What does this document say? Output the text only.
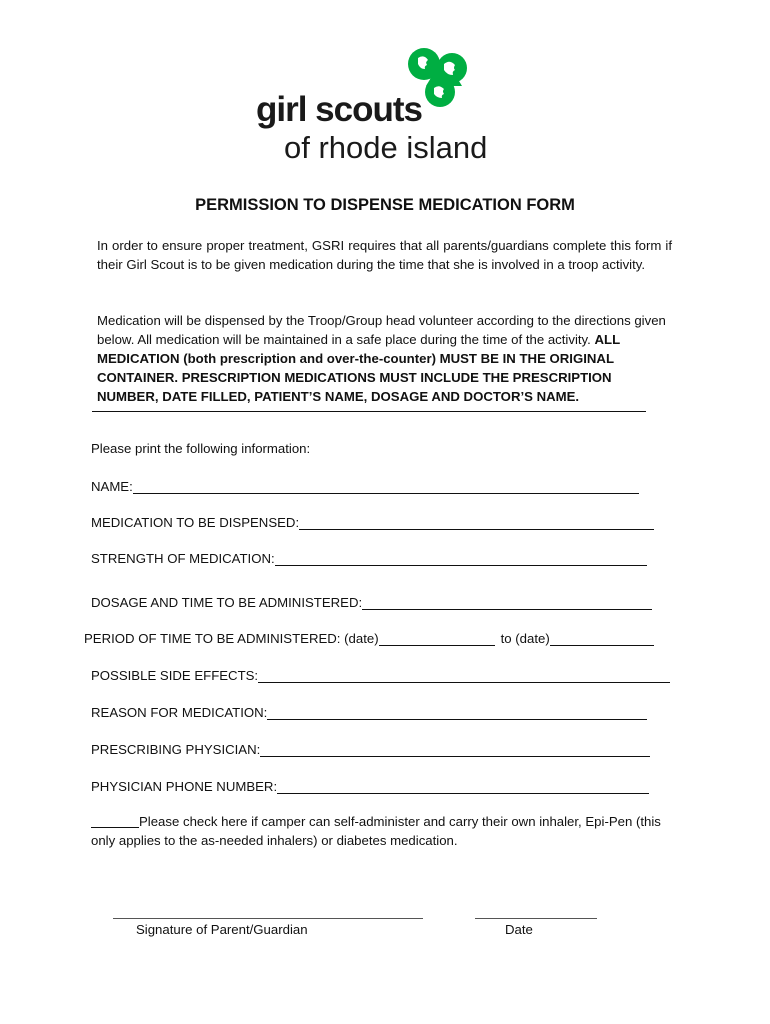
girl scouts
of rhode island
PERMISSION TO DISPENSE MEDICATION FORM
In order to ensure proper treatment, GSRI requires that all parents/guardians complete this form if their Girl Scout is to be given medication during the time that she is involved in a troop activity.
Medication will be dispensed by the Troop/Group head volunteer according to the directions given below. All medication will be maintained in a safe place during the time of the activity. ALL MEDICATION (both prescription and over-the-counter) MUST BE IN THE ORIGINAL CONTAINER. PRESCRIPTION MEDICATIONS MUST INCLUDE THE PRESCRIPTION NUMBER, DATE FILLED, PATIENT’S NAME, DOSAGE AND DOCTOR’S NAME.
Please print the following information:
NAME:
MEDICATION TO BE DISPENSED:
STRENGTH OF MEDICATION:
DOSAGE AND TIME TO BE ADMINISTERED:
PERIOD OF TIME TO BE ADMINISTERED: (date)	to (date)
POSSIBLE SIDE EFFECTS:
REASON FOR MEDICATION:
PRESCRIBING PHYSICIAN:
PHYSICIAN PHONE NUMBER:
Please check here if camper can self-administer and carry their own inhaler, Epi-Pen (this only applies to the as-needed inhalers) or diabetes medication.
Signature of Parent/Guardian	Date
